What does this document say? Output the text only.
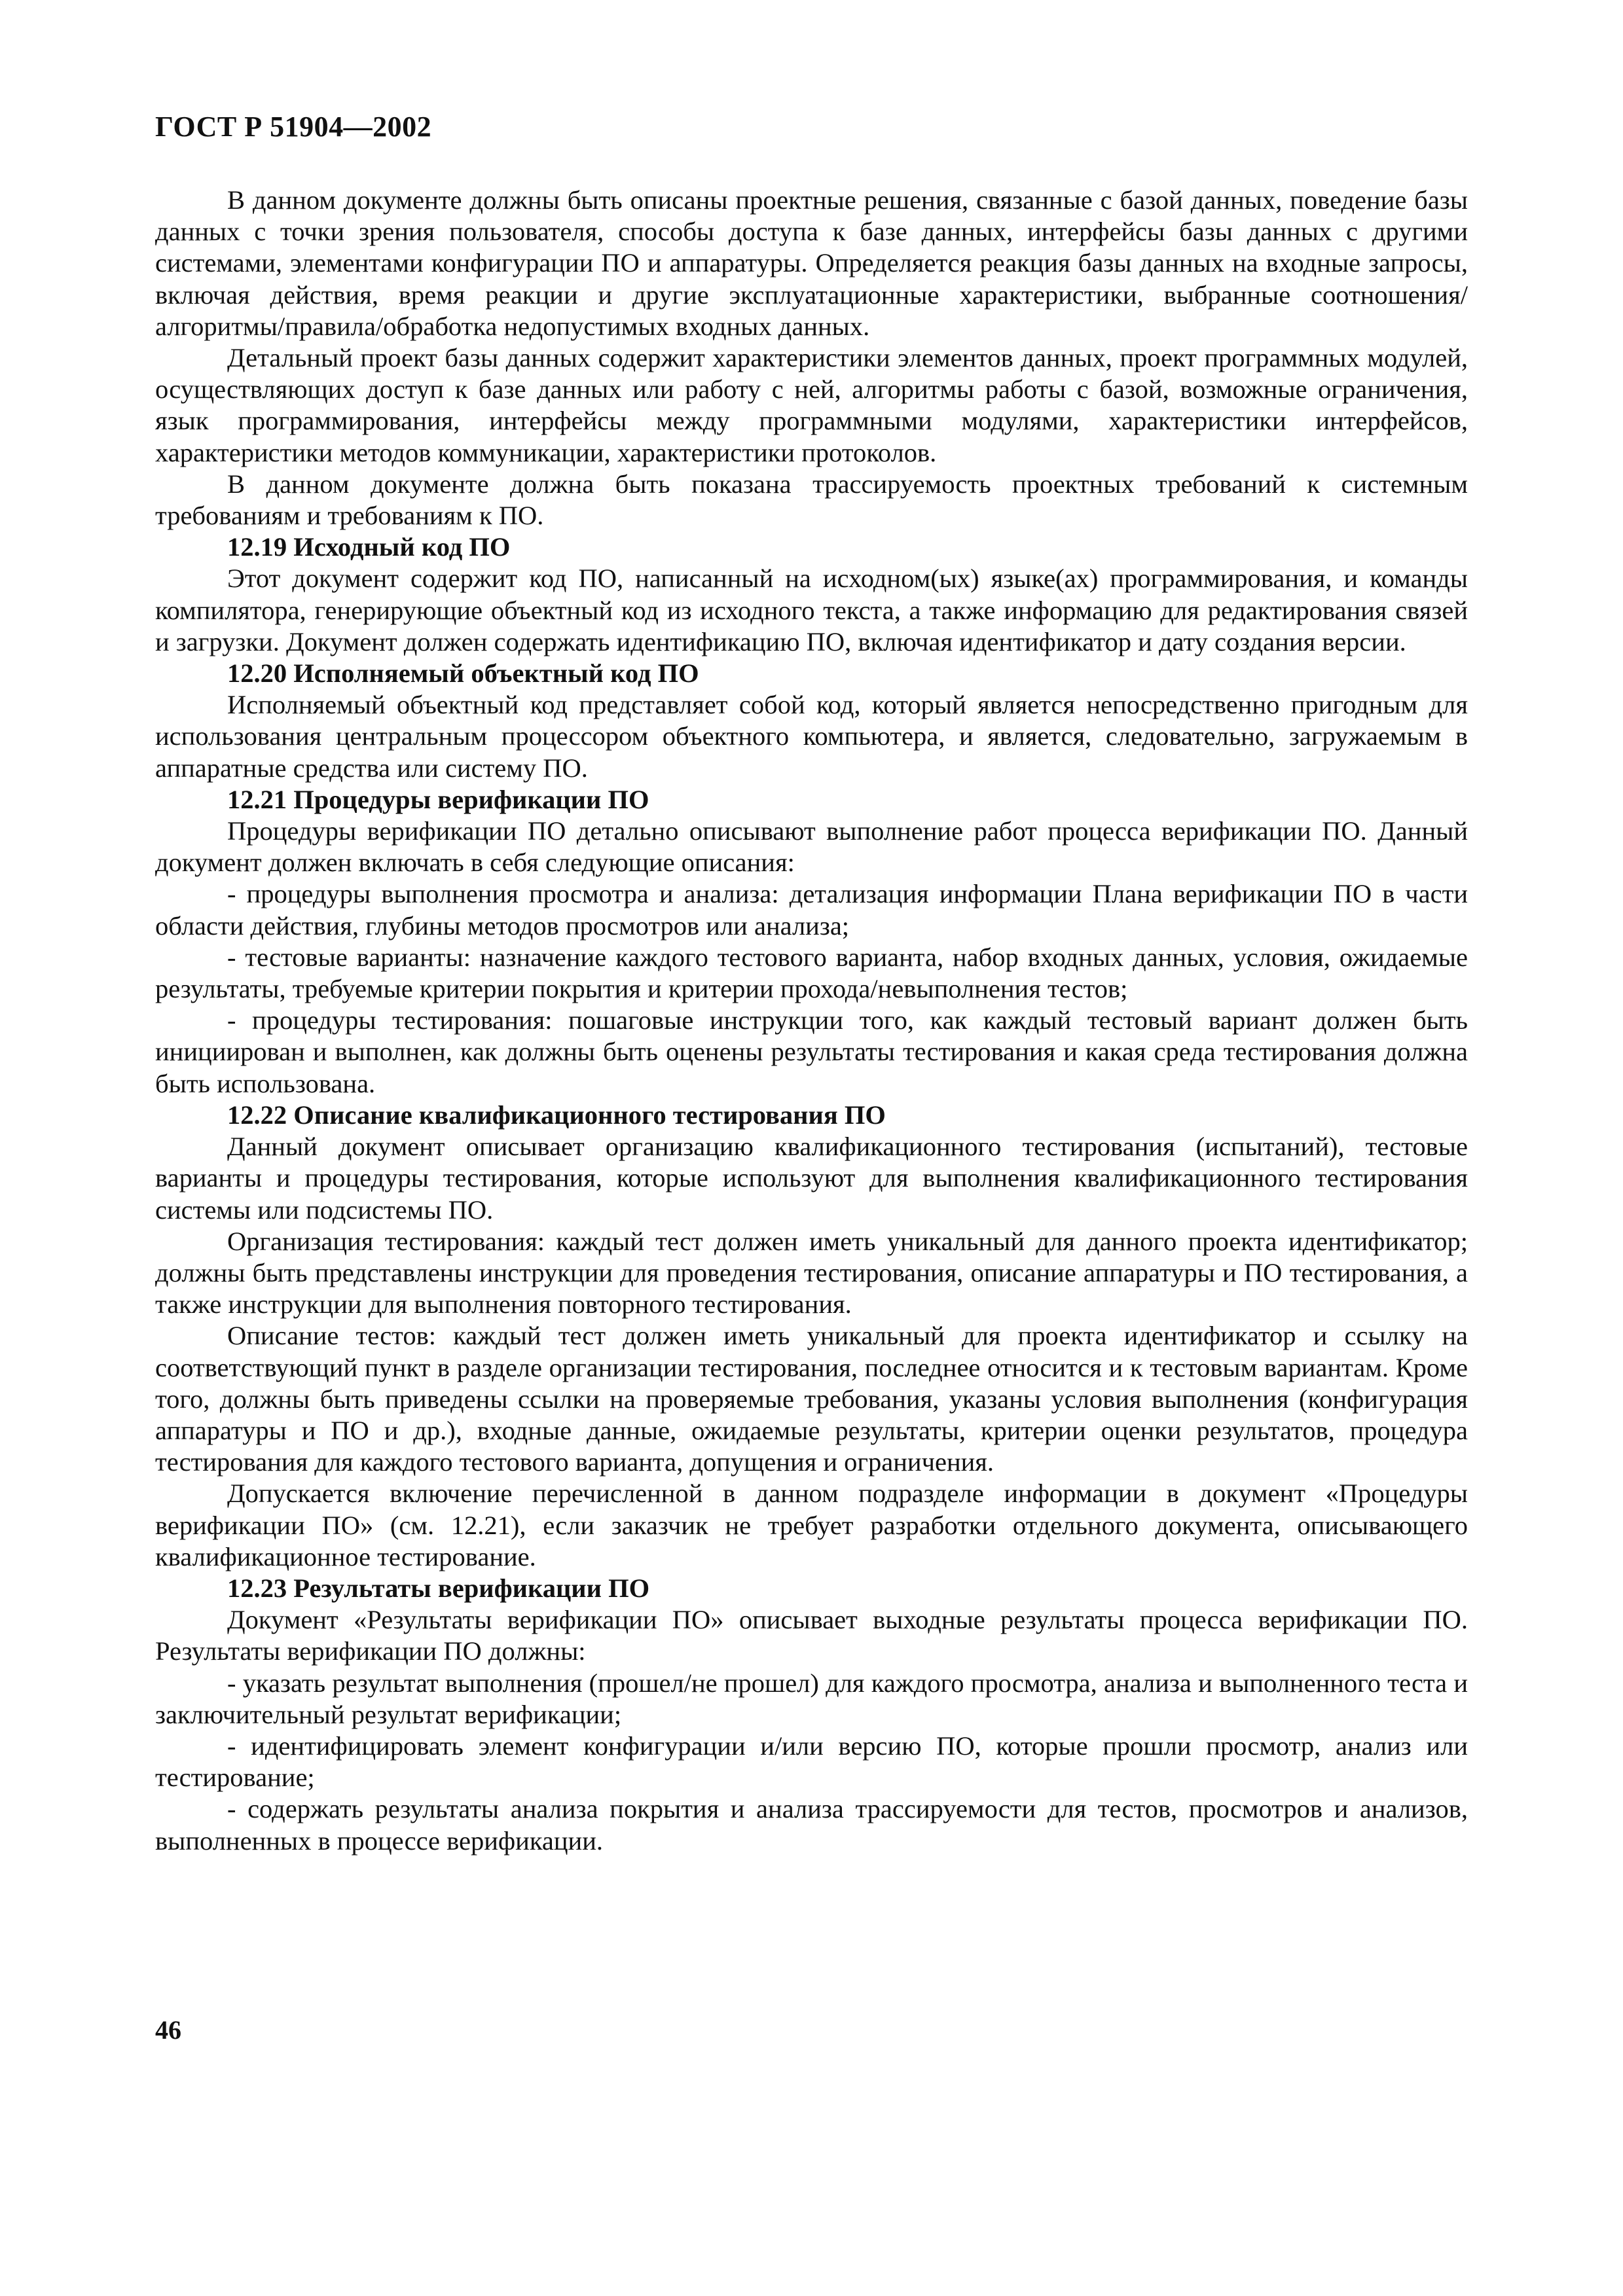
ГОСТ Р 51904—2002

В данном документе должны быть описаны проектные решения, связанные с базой данных, поведение базы данных с точки зрения пользователя, способы доступа к базе данных, интерфейсы базы данных с другими системами, элементами конфигурации ПО и аппаратуры. Определяется реакция базы данных на входные запросы, включая действия, время реакции и другие эксплуатационные характеристики, выбранные соотношения/алгоритмы/правила/обработка недопустимых входных данных.

Детальный проект базы данных содержит характеристики элементов данных, проект программных модулей, осуществляющих доступ к базе данных или работу с ней, алгоритмы работы с базой, возможные ограничения, язык программирования, интерфейсы между программными модулями, характеристики интерфейсов, характеристики методов коммуникации, характеристики протоколов.

В данном документе должна быть показана трассируемость проектных требований к системным требованиям и требованиям к ПО.

12.19 Исходный код ПО

Этот документ содержит код ПО, написанный на исходном(ых) языке(ах) программирования, и команды компилятора, генерирующие объектный код из исходного текста, а также информацию для редактирования связей и загрузки. Документ должен содержать идентификацию ПО, включая идентификатор и дату создания версии.

12.20 Исполняемый объектный код ПО

Исполняемый объектный код представляет собой код, который является непосредственно пригодным для использования центральным процессором объектного компьютера, и является, следовательно, загружаемым в аппаратные средства или систему ПО.

12.21 Процедуры верификации ПО

Процедуры верификации ПО детально описывают выполнение работ процесса верификации ПО. Данный документ должен включать в себя следующие описания:

- процедуры выполнения просмотра и анализа: детализация информации Плана верификации ПО в части области действия, глубины методов просмотров или анализа;

- тестовые варианты: назначение каждого тестового варианта, набор входных данных, условия, ожидаемые результаты, требуемые критерии покрытия и критерии прохода/невыполнения тестов;

- процедуры тестирования: пошаговые инструкции того, как каждый тестовый вариант должен быть инициирован и выполнен, как должны быть оценены результаты тестирования и какая среда тестирования должна быть использована.

12.22 Описание квалификационного тестирования ПО

Данный документ описывает организацию квалификационного тестирования (испытаний), тестовые варианты и процедуры тестирования, которые используют для выполнения квалификационного тестирования системы или подсистемы ПО.

Организация тестирования: каждый тест должен иметь уникальный для данного проекта идентификатор; должны быть представлены инструкции для проведения тестирования, описание аппаратуры и ПО тестирования, а также инструкции для выполнения повторного тестирования.

Описание тестов: каждый тест должен иметь уникальный для проекта идентификатор и ссылку на соответствующий пункт в разделе организации тестирования, последнее относится и к тестовым вариантам. Кроме того, должны быть приведены ссылки на проверяемые требования, указаны условия выполнения (конфигурация аппаратуры и ПО и др.), входные данные, ожидаемые результаты, критерии оценки результатов, процедура тестирования для каждого тестового варианта, допущения и ограничения.

Допускается включение перечисленной в данном подразделе информации в документ «Процедуры верификации ПО» (см. 12.21), если заказчик не требует разработки отдельного документа, описывающего квалификационное тестирование.

12.23 Результаты верификации ПО

Документ «Результаты верификации ПО» описывает выходные результаты процесса верификации ПО. Результаты верификации ПО должны:

- указать результат выполнения (прошел/не прошел) для каждого просмотра, анализа и выполненного теста и заключительный результат верификации;

- идентифицировать элемент конфигурации и/или версию ПО, которые прошли просмотр, анализ или тестирование;

- содержать результаты анализа покрытия и анализа трассируемости для тестов, просмотров и анализов, выполненных в процессе верификации.

46
